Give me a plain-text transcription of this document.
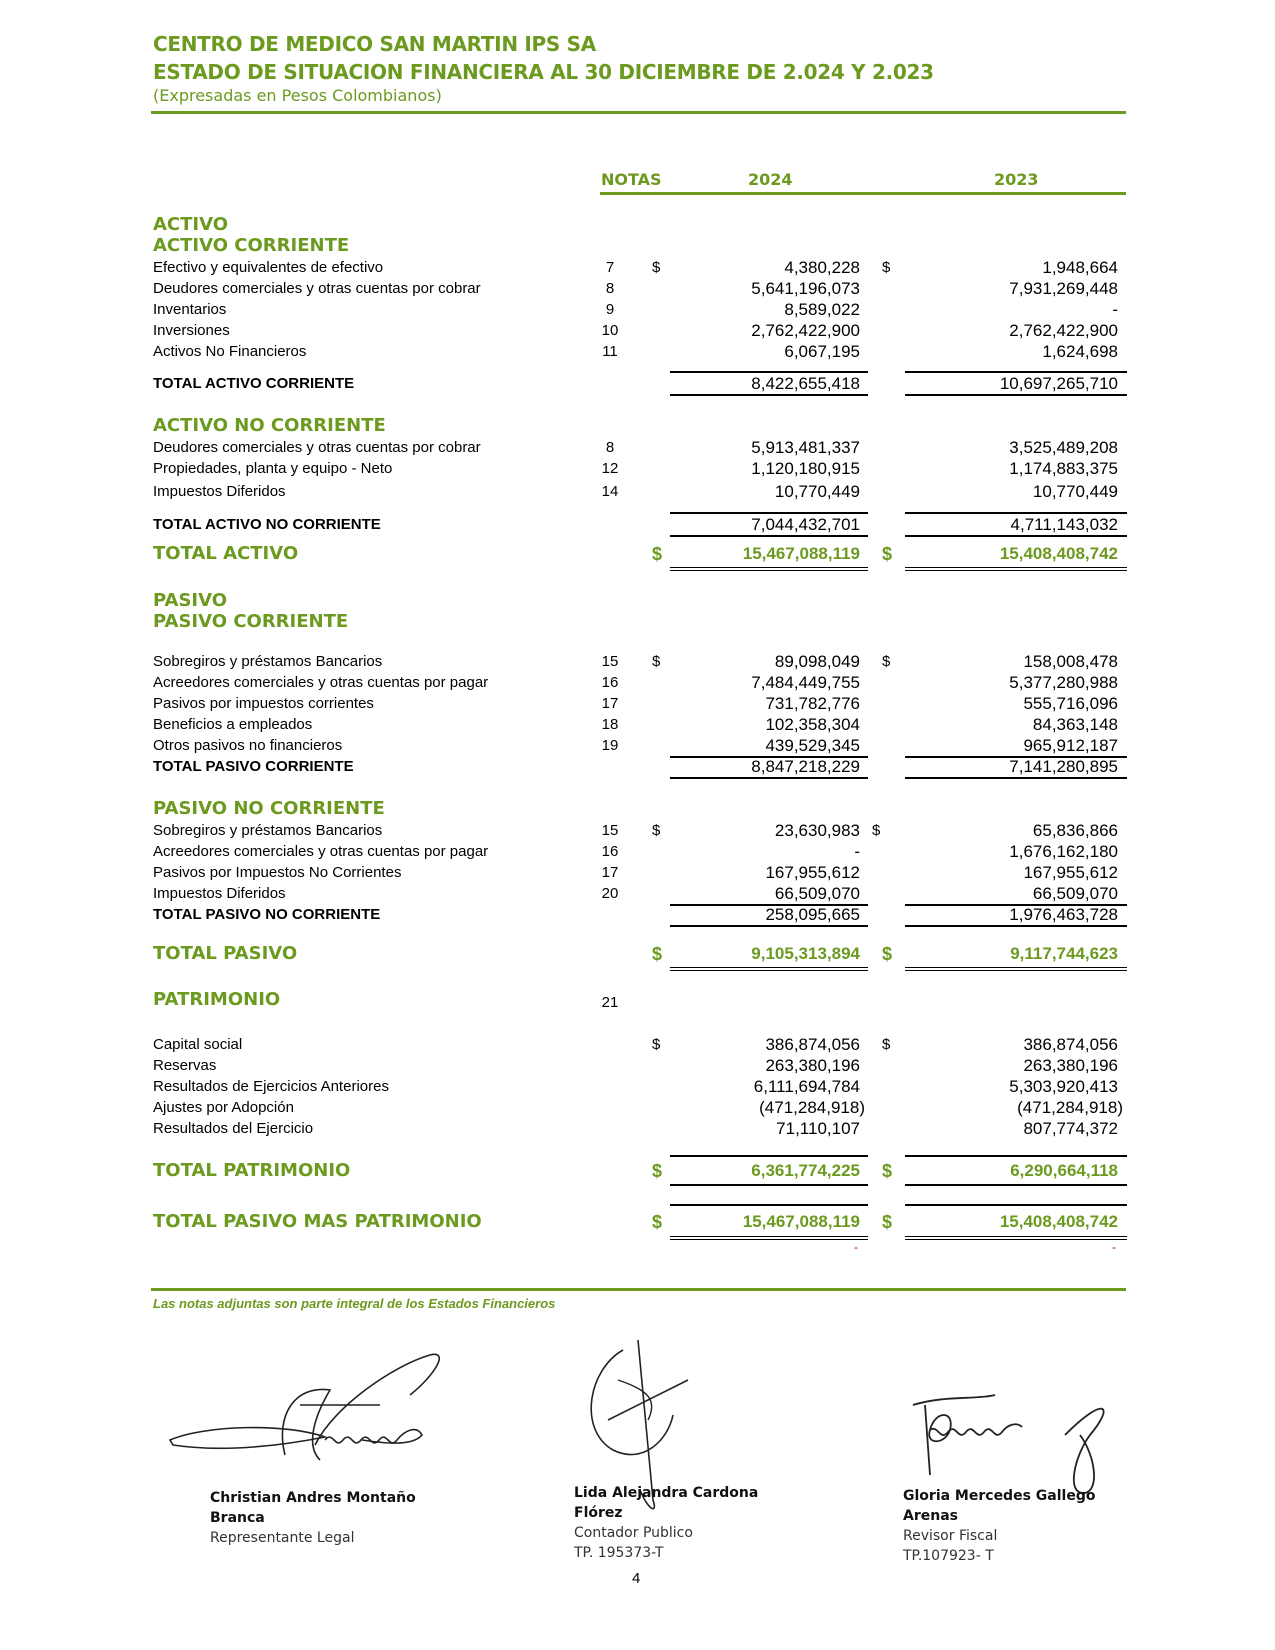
CENTRO DE MEDICO SAN MARTIN IPS SA
ESTADO DE SITUACION FINANCIERA AL 30 DICIEMBRE DE 2.024 Y 2.023
(Expresadas en Pesos Colombianos)
NOTAS	2024	2023
ACTIVO
ACTIVO CORRIENTE
Efectivo y equivalentes de efectivo	7	$	4,380,228 $	1,948,664
Deudores comerciales y otras cuentas por cobrar	8	5,641,196,073	7,931,269,448
Inventarios	9	8,589,022	-
Inversiones	10	2,762,422,900	2,762,422,900
Activos No Financieros	11	6,067,195	1,624,698
TOTAL ACTIVO CORRIENTE	8,422,655,418	10,697,265,710
ACTIVO NO CORRIENTE
Deudores comerciales y otras cuentas por cobrar	8	5,913,481,337	3,525,489,208
Propiedades, planta y equipo - Neto	12	1,120,180,915	1,174,883,375
Impuestos Diferidos	14	10,770,449	10,770,449
TOTAL ACTIVO NO CORRIENTE	7,044,432,701	4,711,143,032
TOTAL ACTIVO	$	15,467,088,119 $	15,408,408,742
PASIVO
PASIVO CORRIENTE
Sobregiros y préstamos Bancarios	15	$	89,098,049 $	158,008,478
Acreedores comerciales y otras cuentas por pagar	16	7,484,449,755	5,377,280,988
Pasivos por impuestos corrientes	17	731,782,776	555,716,096
Beneficios a empleados	18	102,358,304	84,363,148
Otros pasivos no financieros	19	439,529,345	965,912,187
TOTAL PASIVO CORRIENTE	8,847,218,229	7,141,280,895
PASIVO NO CORRIENTE
Sobregiros y préstamos Bancarios	15	$	23,630,983 $	65,836,866
Acreedores comerciales y otras cuentas por pagar	16	-	1,676,162,180
Pasivos por Impuestos No Corrientes	17	167,955,612	167,955,612
Impuestos Diferidos	20	66,509,070	66,509,070
TOTAL PASIVO NO CORRIENTE	258,095,665	1,976,463,728
TOTAL PASIVO	$	9,105,313,894 $	9,117,744,623
PATRIMONIO	21
Capital social	$	386,874,056 $	386,874,056
Reservas	263,380,196	263,380,196
Resultados de Ejercicios Anteriores	6,111,694,784	5,303,920,413
Ajustes por Adopción	(471,284,918)	(471,284,918)
Resultados del Ejercicio	71,110,107	807,774,372
TOTAL PATRIMONIO	$	6,361,774,225 $	6,290,664,118
TOTAL PASIVO MAS PATRIMONIO	$	15,467,088,119 $	15,408,408,742
-	-
Las notas adjuntas son parte integral de los Estados Financieros
Christian Andres Montaño
Branca
Representante Legal
Lida Alejandra Cardona
Flórez
Contador Publico
TP. 195373-T
Gloria Mercedes Gallego
Arenas
Revisor Fiscal
TP.107923- T
4
